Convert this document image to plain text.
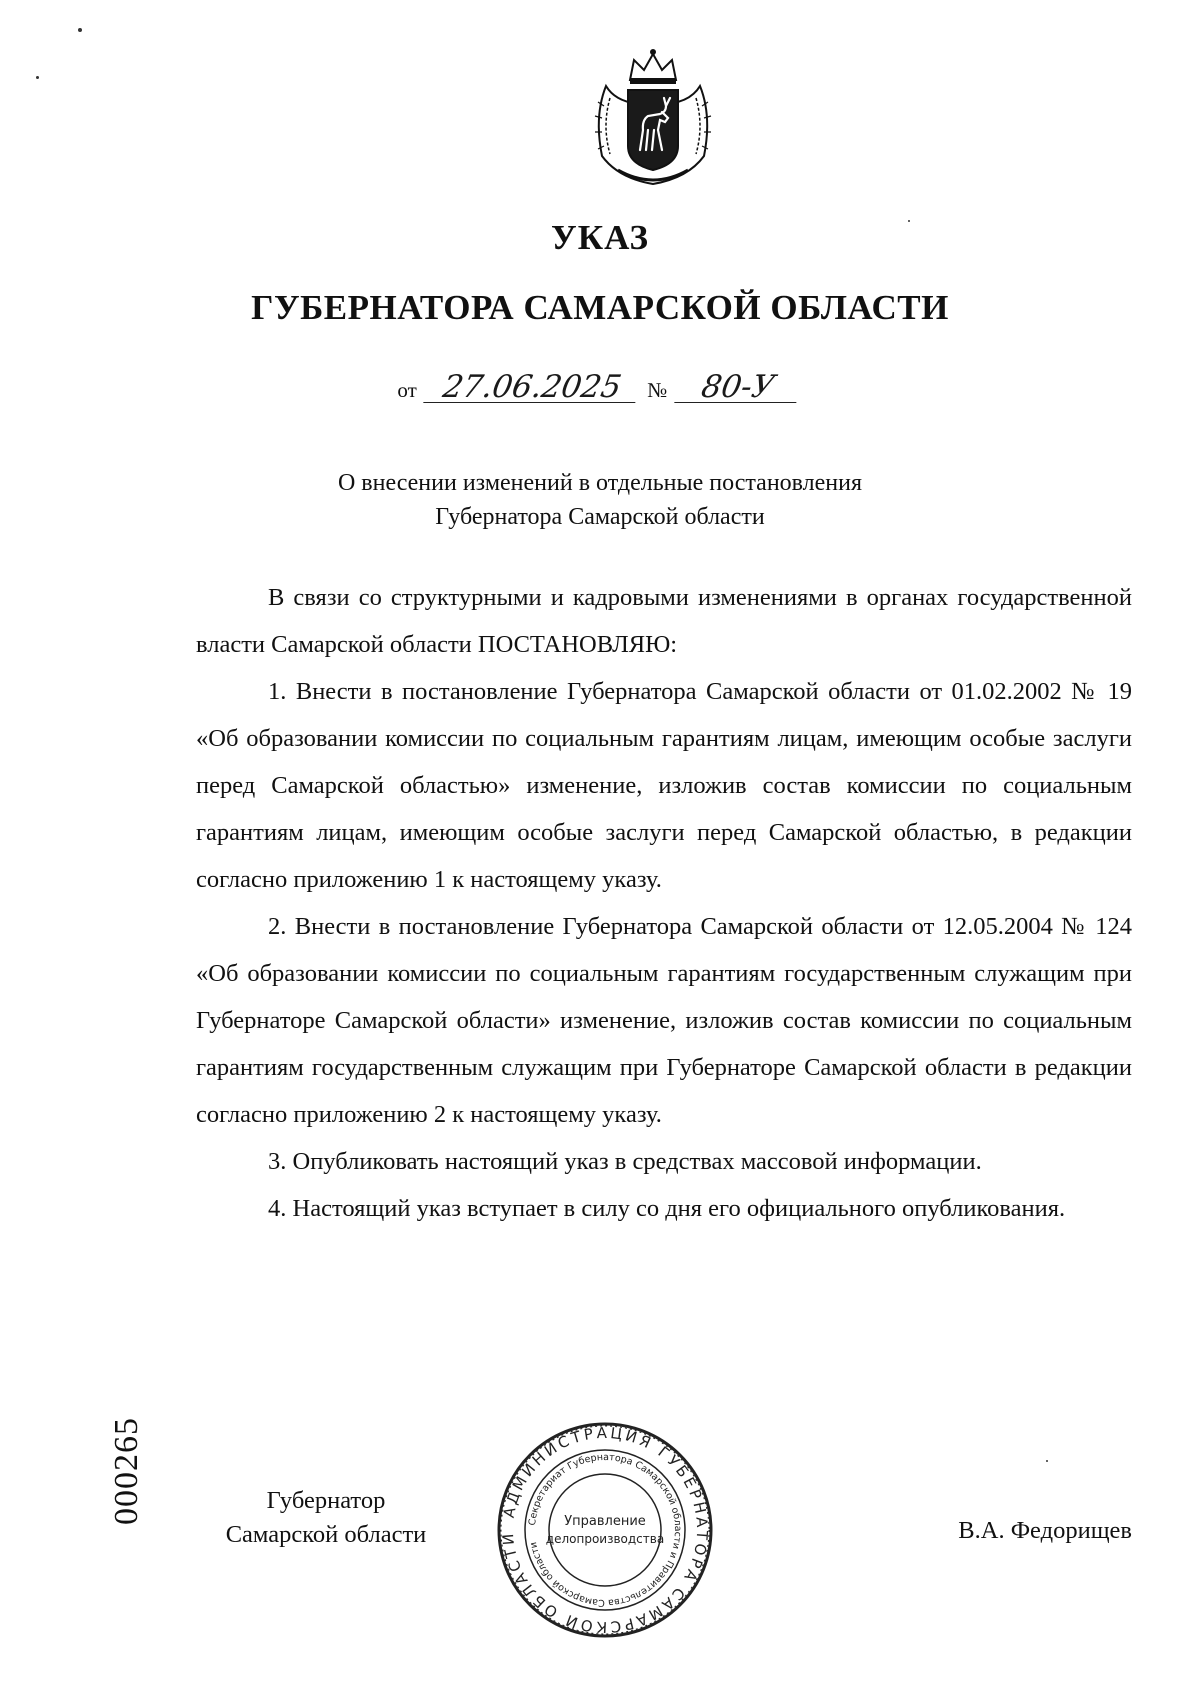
УКАЗ
ГУБЕРНАТОРА САМАРСКОЙ ОБЛАСТИ
от 27.06.2025 № 80-У
О внесении изменений в отдельные постановления
Губернатора Самарской области

В связи со структурными и кадровыми изменениями в органах государственной власти Самарской области ПОСТАНОВЛЯЮ:

1. Внести в постановление Губернатора Самарской области от 01.02.2002 № 19 «Об образовании комиссии по социальным гарантиям лицам, имеющим особые заслуги перед Самарской областью» изменение, изложив состав комиссии по социальным гарантиям лицам, имеющим особые заслуги перед Самарской областью, в редакции согласно приложению 1 к настоящему указу.

2. Внести в постановление Губернатора Самарской области от 12.05.2004 № 124 «Об образовании комиссии по социальным гарантиям государственным служащим при Губернаторе Самарской области» изменение, изложив состав комиссии по социальным гарантиям государственным служащим при Губернаторе Самарской области в редакции согласно приложению 2 к настоящему указу.

3. Опубликовать настоящий указ в средствах массовой информации.

4. Настоящий указ вступает в силу со дня его официального опубликования.

000265	Губернатор
Самарской области
АДМИНИСТРАЦИЯ ГУБЕРНАТОРА САМАРСКОЙ ОБЛАСТИ
Секретариат Губернатора Самарской области и Правительства Самарской области
Управление
делопроизводства	В.А. Федорищев
